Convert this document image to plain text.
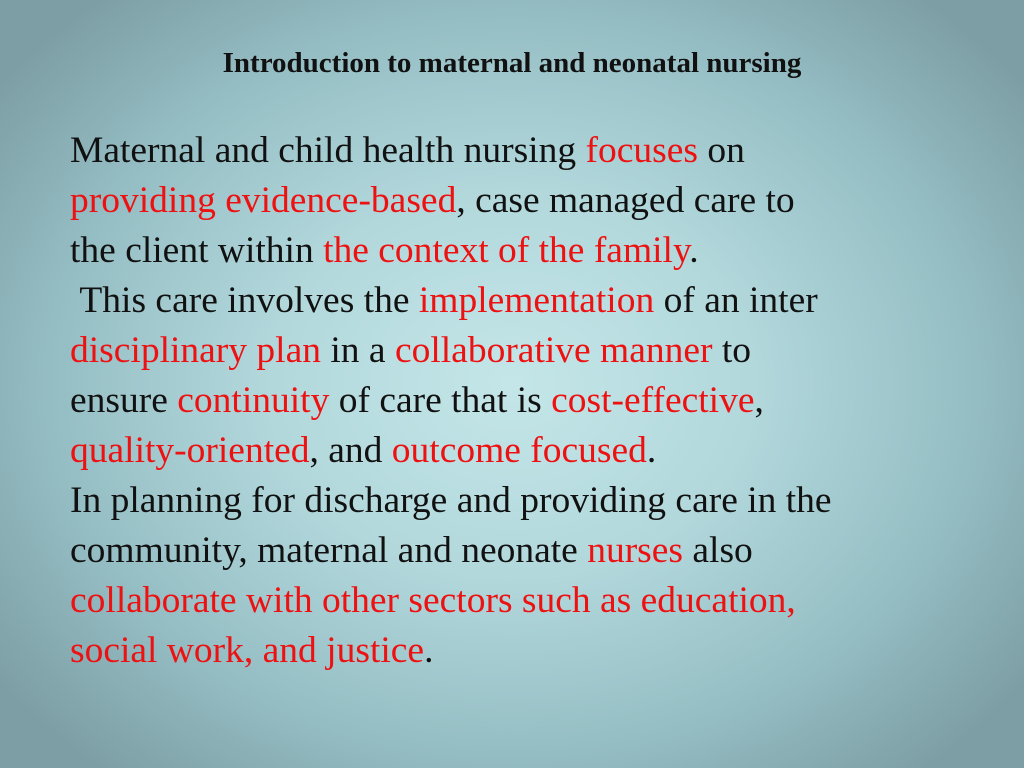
Introduction to maternal and neonatal nursing
Maternal and child health nursing focuses on
providing evidence-based, case managed care to
the client within the context of the family.
This care involves the implementation of an inter
disciplinary plan in a collaborative manner to
ensure continuity of care that is cost-effective,
quality-oriented, and outcome focused.
In planning for discharge and providing care in the
community, maternal and neonate nurses also
collaborate with other sectors such as education,
social work, and justice.
